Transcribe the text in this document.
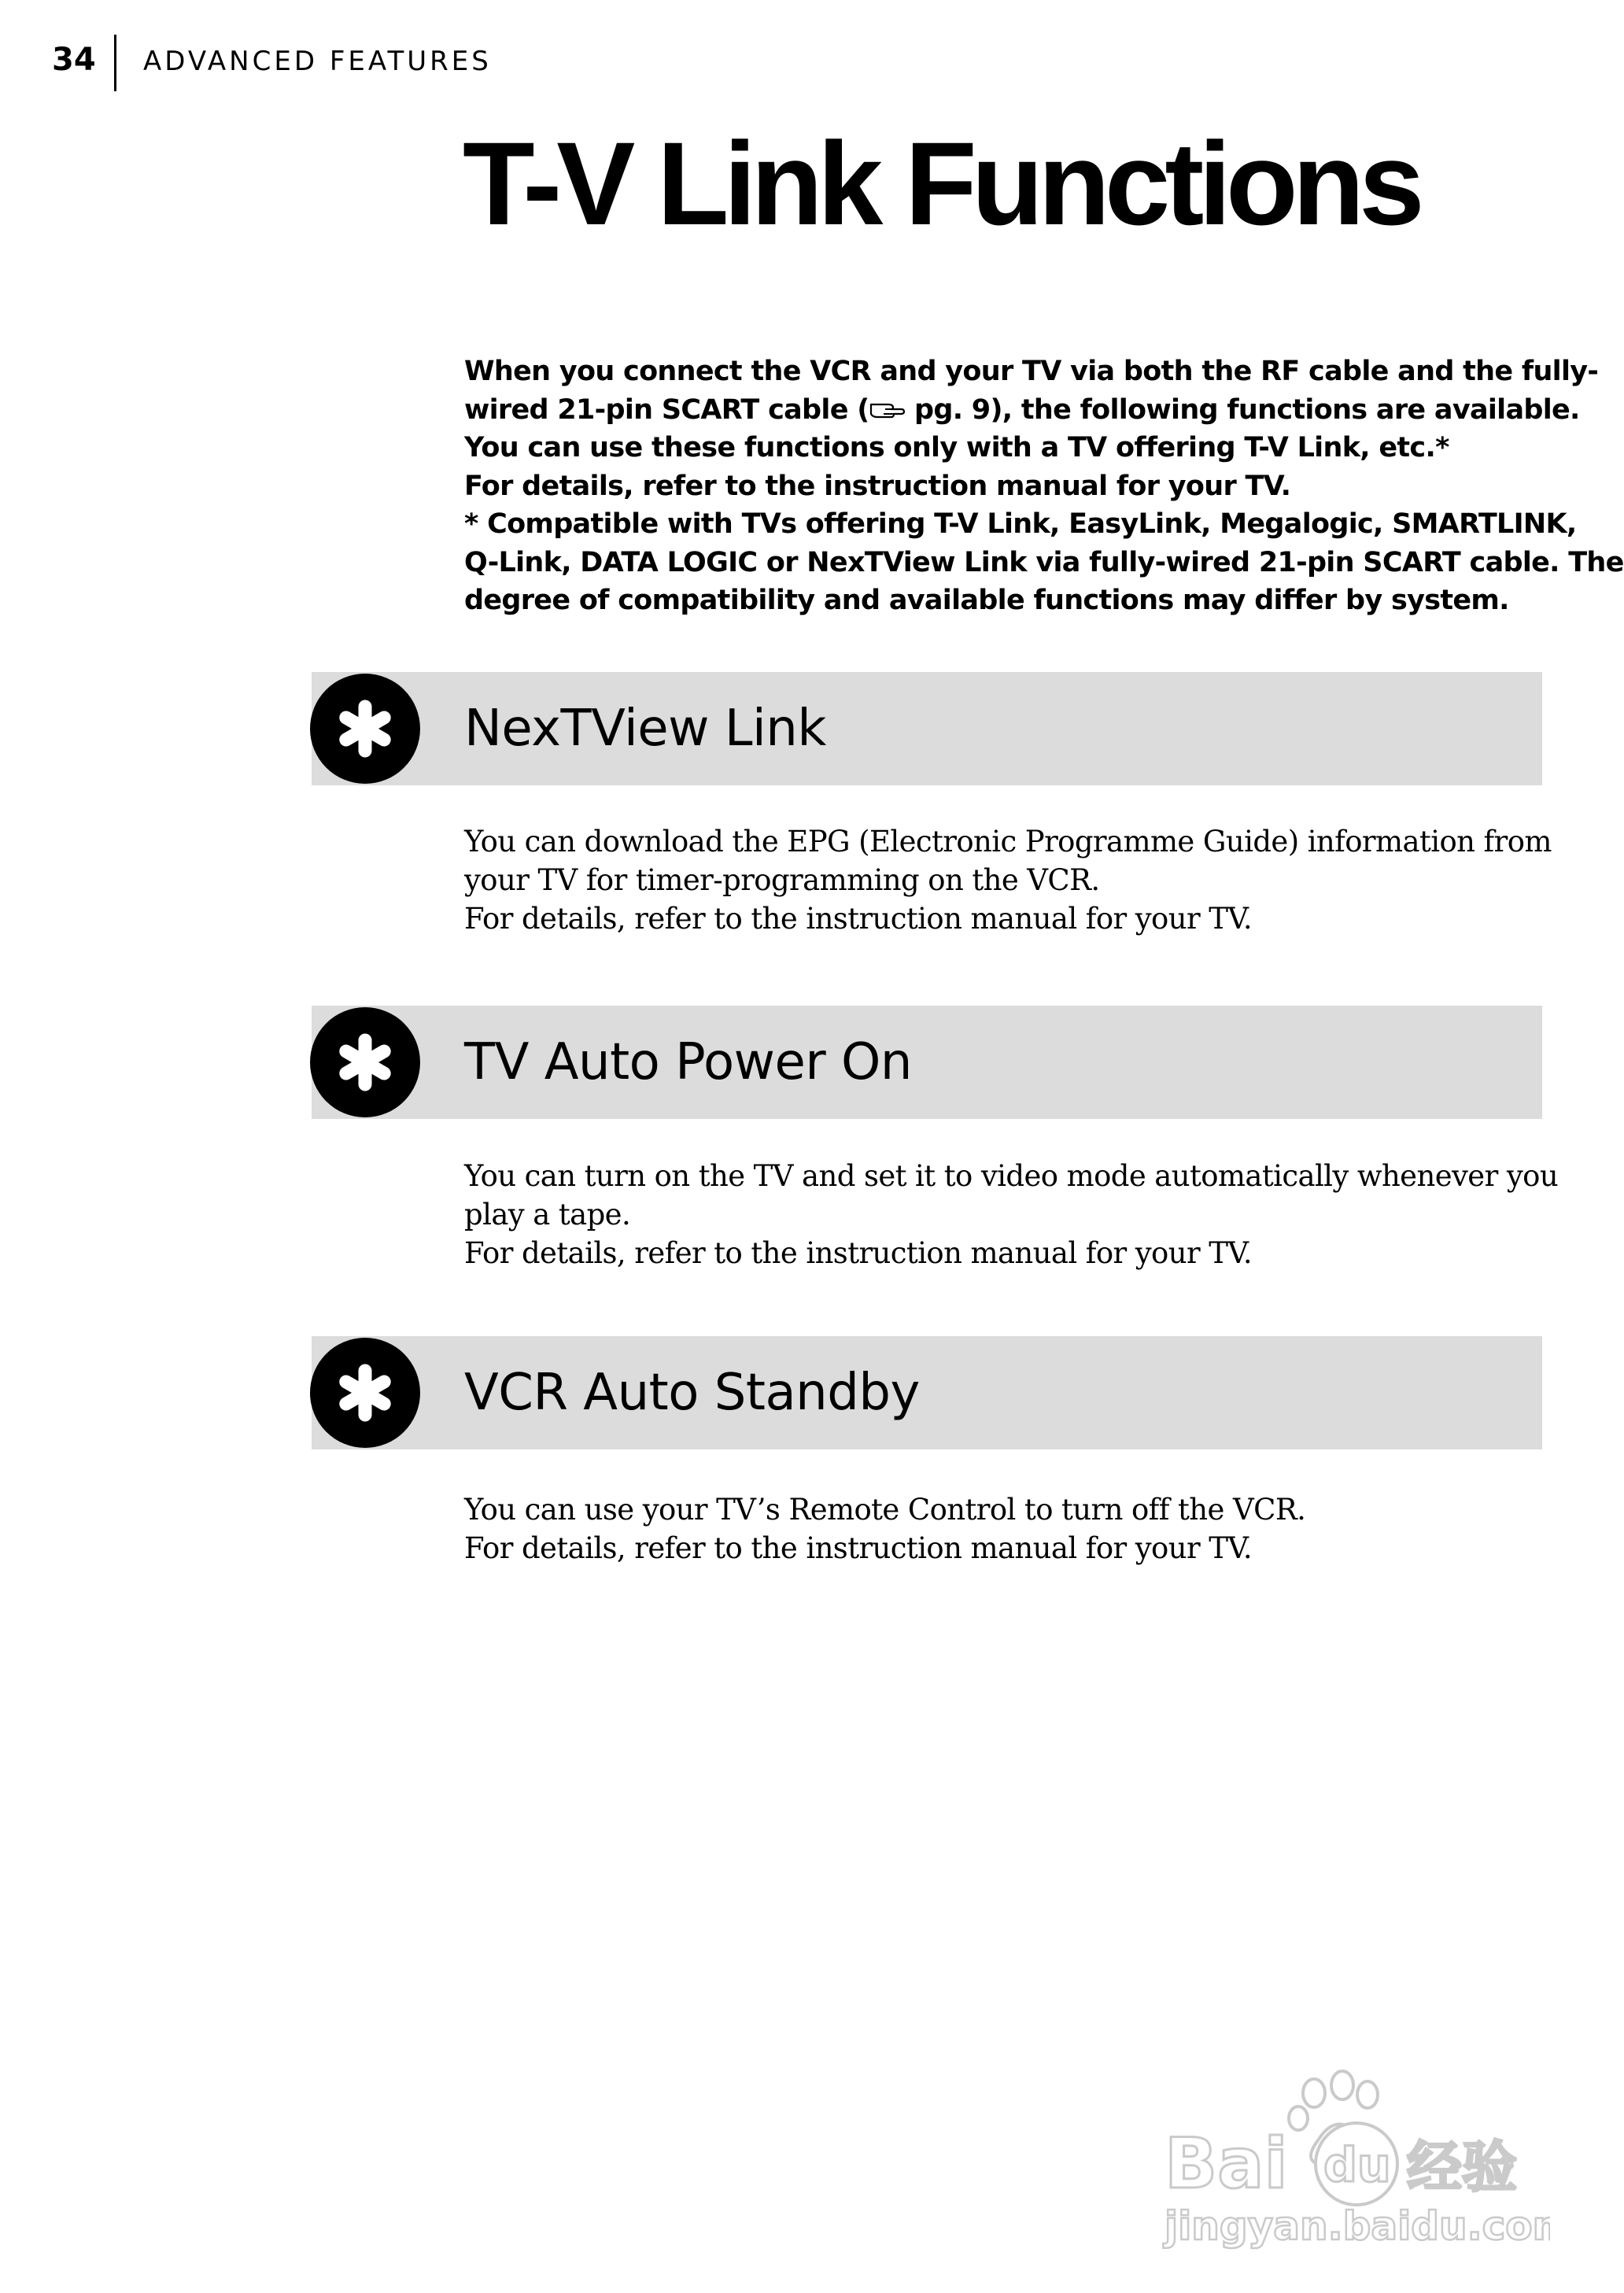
34 ADVANCED FEATURES
T-V Link Functions
When you connect the VCR and your TV via both the RF cable and the fully-
wired 21-pin SCART cable ( pg. 9), the following functions are available.
You can use these functions only with a TV offering T-V Link, etc.*
For details, refer to the instruction manual for your TV.
* Compatible with TVs offering T-V Link, EasyLink, Megalogic, SMARTLINK,
Q-Link, DATA LOGIC or NexTView Link via fully-wired 21-pin SCART cable. The
degree of compatibility and available functions may differ by system.
NexTView Link
You can download the EPG (Electronic Programme Guide) information from
your TV for timer-programming on the VCR.
For details, refer to the instruction manual for your TV.
TV Auto Power On
You can turn on the TV and set it to video mode automatically whenever you
play a tape.
For details, refer to the instruction manual for your TV.
VCR Auto Standby
You can use your TV’s Remote Control to turn off the VCR.
For details, refer to the instruction manual for your TV.
Bai du 经验
jingyan.baidu.com
